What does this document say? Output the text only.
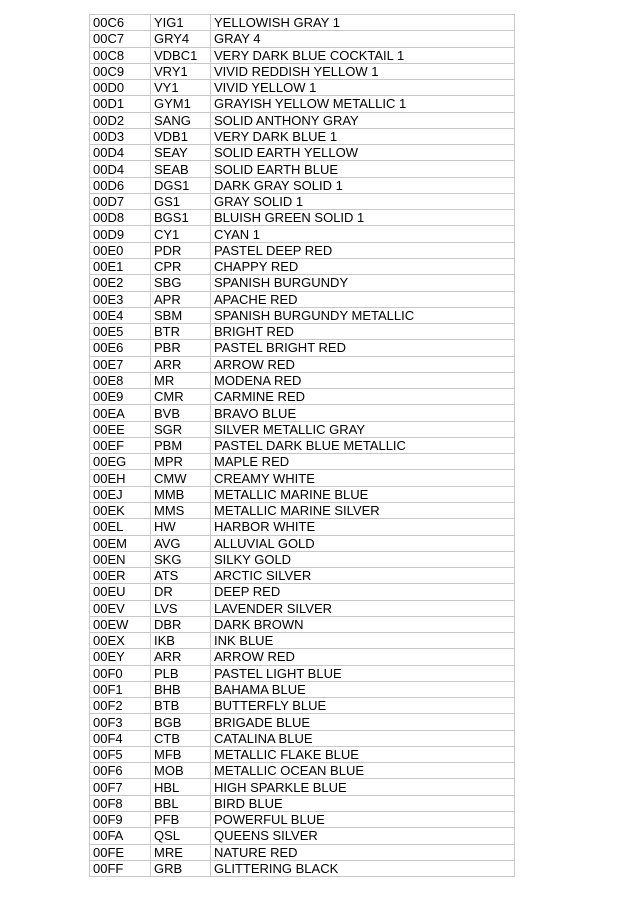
00C6	YIG1	YELLOWISH GRAY 1
00C7	GRY4	GRAY 4
00C8	VDBC1	VERY DARK BLUE COCKTAIL 1
00C9	VRY1	VIVID REDDISH YELLOW 1
00D0	VY1	VIVID YELLOW 1
00D1	GYM1	GRAYISH YELLOW METALLIC 1
00D2	SANG	SOLID ANTHONY GRAY
00D3	VDB1	VERY DARK BLUE 1
00D4	SEAY	SOLID EARTH YELLOW
00D4	SEAB	SOLID EARTH BLUE
00D6	DGS1	DARK GRAY SOLID 1
00D7	GS1	GRAY SOLID 1
00D8	BGS1	BLUISH GREEN SOLID 1
00D9	CY1	CYAN 1
00E0	PDR	PASTEL DEEP RED
00E1	CPR	CHAPPY RED
00E2	SBG	SPANISH BURGUNDY
00E3	APR	APACHE RED
00E4	SBM	SPANISH BURGUNDY METALLIC
00E5	BTR	BRIGHT RED
00E6	PBR	PASTEL BRIGHT RED
00E7	ARR	ARROW RED
00E8	MR	MODENA RED
00E9	CMR	CARMINE RED
00EA	BVB	BRAVO BLUE
00EE	SGR	SILVER METALLIC GRAY
00EF	PBM	PASTEL DARK BLUE METALLIC
00EG	MPR	MAPLE RED
00EH	CMW	CREAMY WHITE
00EJ	MMB	METALLIC MARINE BLUE
00EK	MMS	METALLIC MARINE SILVER
00EL	HW	HARBOR WHITE
00EM	AVG	ALLUVIAL GOLD
00EN	SKG	SILKY GOLD
00ER	ATS	ARCTIC SILVER
00EU	DR	DEEP RED
00EV	LVS	LAVENDER SILVER
00EW	DBR	DARK BROWN
00EX	IKB	INK BLUE
00EY	ARR	ARROW RED
00F0	PLB	PASTEL LIGHT BLUE
00F1	BHB	BAHAMA BLUE
00F2	BTB	BUTTERFLY BLUE
00F3	BGB	BRIGADE BLUE
00F4	CTB	CATALINA BLUE
00F5	MFB	METALLIC FLAKE BLUE
00F6	MOB	METALLIC OCEAN BLUE
00F7	HBL	HIGH SPARKLE BLUE
00F8	BBL	BIRD BLUE
00F9	PFB	POWERFUL BLUE
00FA	QSL	QUEENS SILVER
00FE	MRE	NATURE RED
00FF	GRB	GLITTERING BLACK
